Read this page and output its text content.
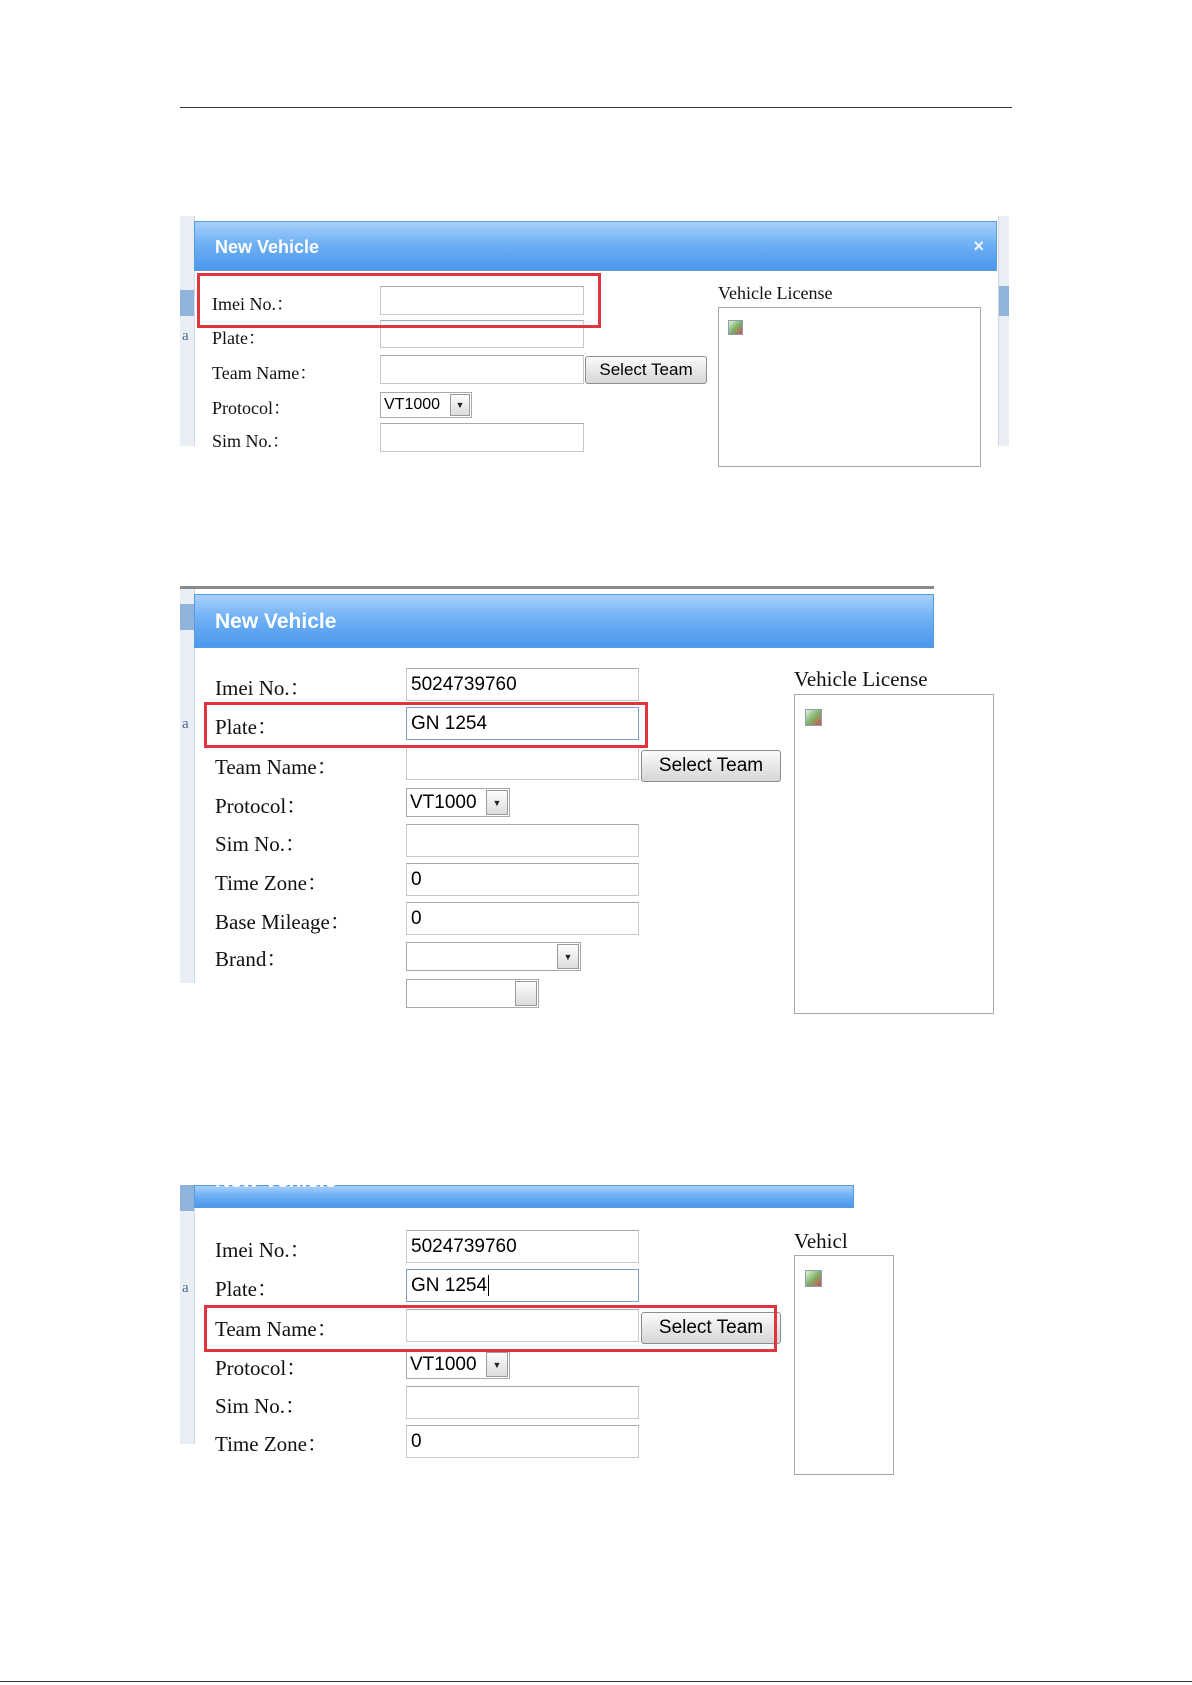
a
New Vehicle	×
Imei No.：
Plate：
Team Name：	Select Team
Protocol：	VT1000	▼
Sim No.：
Vehicle License
a
New Vehicle
Imei No.：	5024739760
Plate：	GN 1254
Team Name：	Select Team
Protocol：	VT1000	▼
Sim No.：
Time Zone：	0
Base Mileage：	0
Brand：	▼
Vehicle License
a
New Vehicle
Imei No.：	5024739760
Plate：	GN 1254
Team Name：	Select Team
Protocol：	VT1000	▼
Sim No.：
Time Zone：	0
Vehicl
